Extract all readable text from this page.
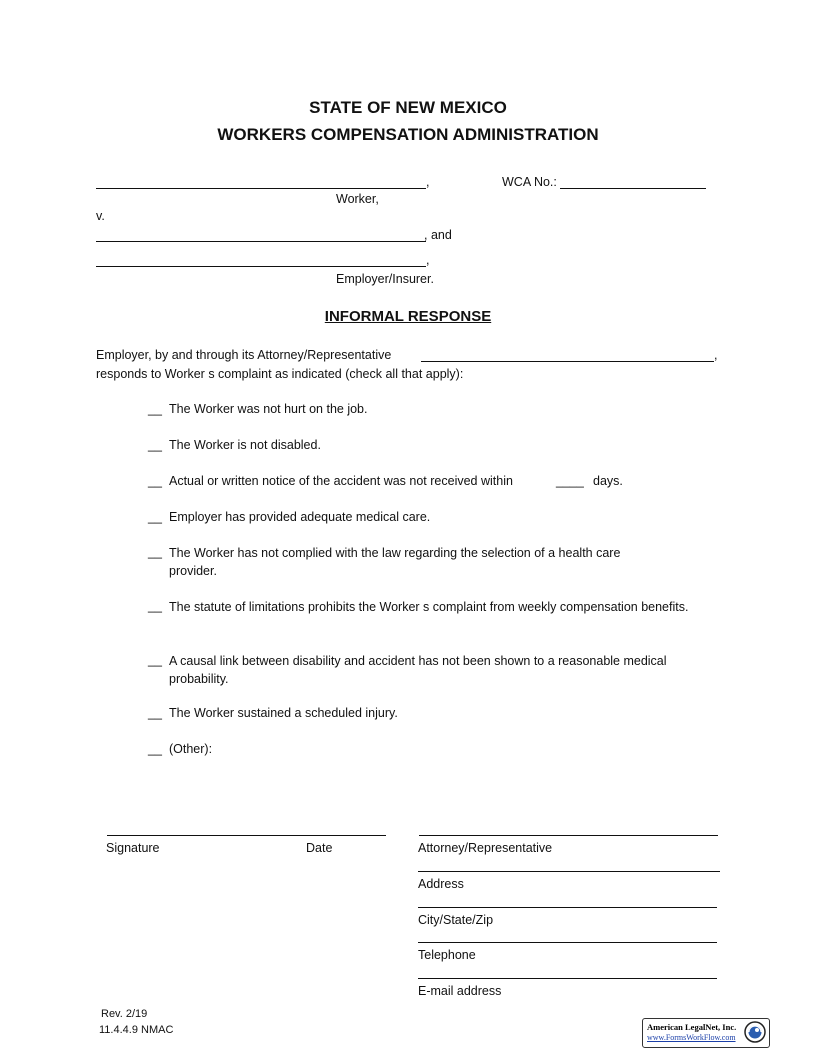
STATE OF NEW MEXICO
WORKERS COMPENSATION ADMINISTRATION
,	WCA No.:
Worker,
v.
, and
,
Employer/Insurer.
INFORMAL RESPONSE
Employer, by and through its Attorney/Representative	,
responds to Worker s complaint as indicated (check all that apply):
__ The Worker was not hurt on the job.
__ The Worker is not disabled.
__ Actual or written notice of the accident was not received within	____ days.
__ Employer has provided adequate medical care.
__ The Worker has not complied with the law regarding the selection of a health care provider.
__ The statute of limitations prohibits the Worker s complaint from weekly compensation benefits.
__ A causal link between disability and accident has not been shown to a reasonable medical probability.
__ The Worker sustained a scheduled injury.
__ (Other):
Signature	Date	Attorney/Representative
Address
City/State/Zip
Telephone
E-mail address
Rev. 2/19
11.4.4.9 NMAC	American LegalNet, Inc.
www.FormsWorkFlow.com
